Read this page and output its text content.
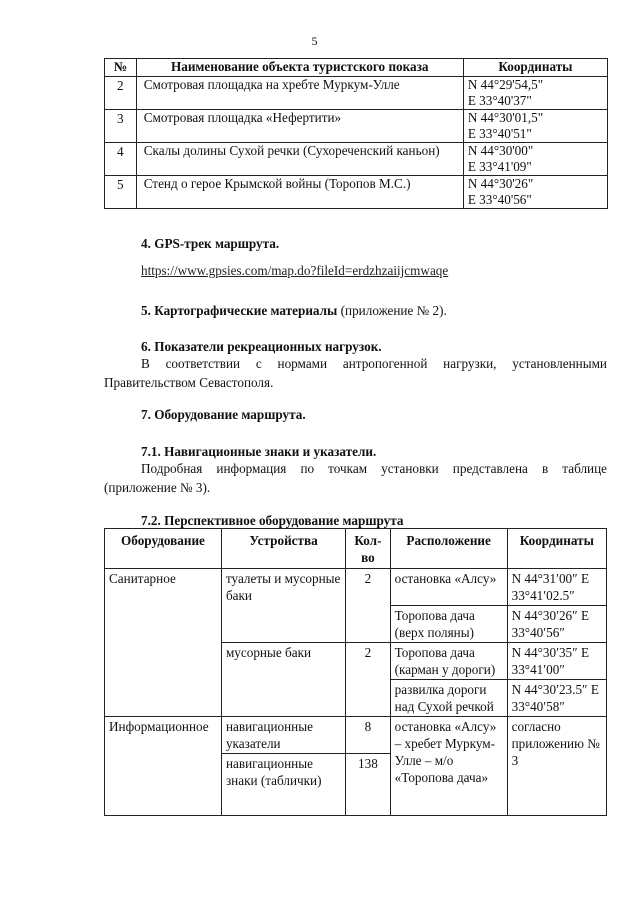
5
№	Наименование объекта туристского показа	Координаты
2	Смотровая площадка на хребте Муркум-Улле	N 44°29'54,5"
E 33°40'37"

3	Смотровая площадка «Нефертити»	N 44°30'01,5"
E 33°40'51"

4	Скалы долины Сухой речки (Сухореченский каньон)	N 44°30'00"
E 33°41'09"

5	Стенд о герое Крымской войны (Торопов М.С.)	N 44°30'26"
E 33°40'56"
4. GPS-трек маршрута.
https://www.gpsies.com/map.do?fileId=erdzhzaiijcmwaqe
5. Картографические материалы (приложение № 2).
6. Показатели рекреационных нагрузок.
В соответствии с нормами антропогенной нагрузки, установленными Правительством Севастополя.
7. Оборудование маршрута.
7.1. Навигационные знаки и указатели.
Подробная информация по точкам установки представлена в таблице (приложение № 3).
7.2. Перспективное оборудование маршрута
Оборудование	Устройства	Кол-во	Расположение	Координаты
Санитарное	туалеты и мусорные баки	2	остановка «Алсу»	N 44°31′00″ E 33°41′02.5″
			Торопова дача (верх поляны)	N 44°30′26″ E 33°40′56″
	мусорные баки	2	Торопова дача (карман у дороги)	N 44°30′35″ E 33°41′00″
			развилка дороги над Сухой речкой	N 44°30′23.5″ E 33°40′58″
Информационное	навигационные указатели	8	остановка «Алсу» – хребет Муркум-Улле – м/о «Торопова дача»	согласно приложению № 3
	навигационные знаки (таблички)	138		
